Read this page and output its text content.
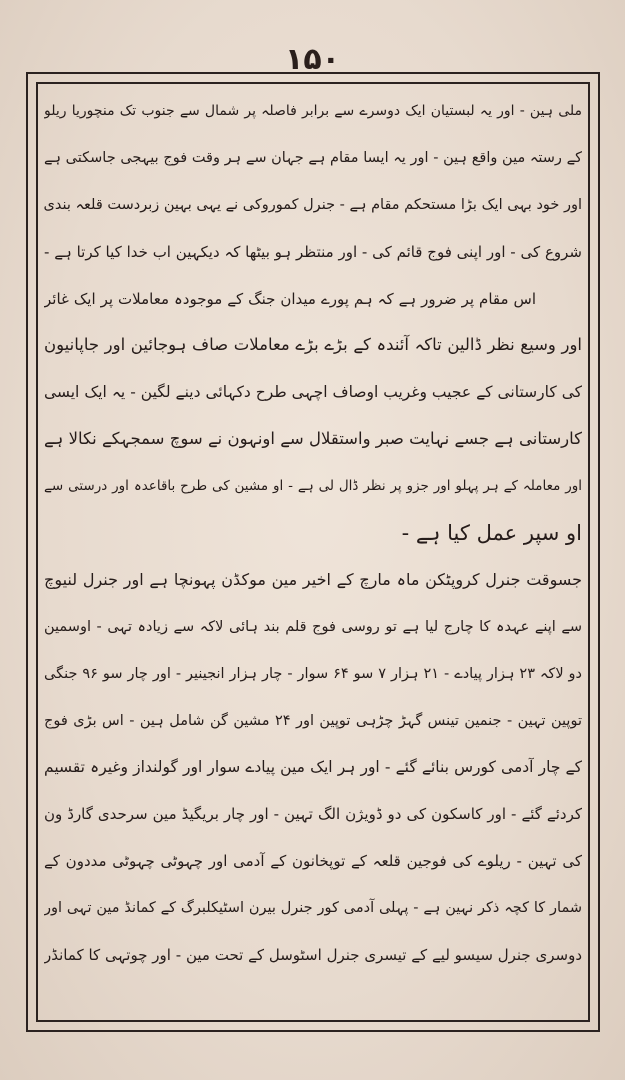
۱۵۰
ملی ہین - اور یہ لبستیان ایک دوسرے سے برابر فاصلہ پر شمال سے جنوب تک منچوریا ریلو
کے رستہ مین واقع ہین - اور یہ ایسا مقام ہے جہان سے ہر وقت فوج بیہجی جاسکتی ہے
اور خود بہی ایک بڑا مستحکم مقام ہے - جنرل کموروکی نے یہی بہین زبردست قلعہ بندی
شروع کی - اور اپنی فوج قائم کی - اور منتظر ہو بیٹھا کہ دیکہین اب خدا کیا کرتا ہے -
اس مقام پر ضرور ہے کہ ہم پورے میدان جنگ کے موجودہ معاملات پر ایک غائر
اور وسیع نظر ڈالین تاکہ آئندہ کے بڑے بڑے معاملات صاف ہوجائین اور جاپانیون
کی کارستانی کے عجیب وغریب اوصاف اچہی طرح دکہائی دینے لگین - یہ ایک ایسی
کارستانی ہے جسے نہایت صبر واستقلال سے اونہون نے سوچ سمجہکے نکالا ہے
اور معاملہ کے ہر پہلو اور جزو پر نظر ڈال لی ہے - او مشین کی طرح باقاعدہ اور درستی سے
او سپر عمل کیا ہے -
جسوقت جنرل کروپٹکن ماہ مارچ کے اخیر مین موکڈن پہونچا ہے اور جنرل لنیوچ
سے اپنے عہدہ کا چارج لیا ہے تو روسی فوج قلم بند ہائی لاکہ سے زیادہ تہی - اوسمین
دو لاکہ ۲۳ ہزار پیادے - ۲۱ ہزار ۷ سو ۶۴ سوار - چار ہزار انجینیر - اور چار سو ۹۶ جنگی
توپین تہین - جنمین تینس گہڑ چڑہی توپین اور ۲۴ مشین گن شامل ہین - اس بڑی فوج
کے چار آدمی کورس بنائے گئے - اور ہر ایک مین پیادے سوار اور گولنداز وغیرہ تقسیم
کردئے گئے - اور کاسکون کی دو ڈویژن الگ تہین - اور چار بریگیڈ مین سرحدی گارڈ ون
کی تہین - ریلوے کی فوجین قلعہ کے توپخانون کے آدمی اور چہوٹی چہوٹی مددون کے
شمار کا کچہ ذکر نہین ہے - پہلی آدمی کور جنرل بیرن اسٹیکلبرگ کے کمانڈ مین تہی اور
دوسری جنرل سیسو لیے کے تیسری جنرل اسٹوسل کے تحت مین - اور چوتہی کا کمانڈر
